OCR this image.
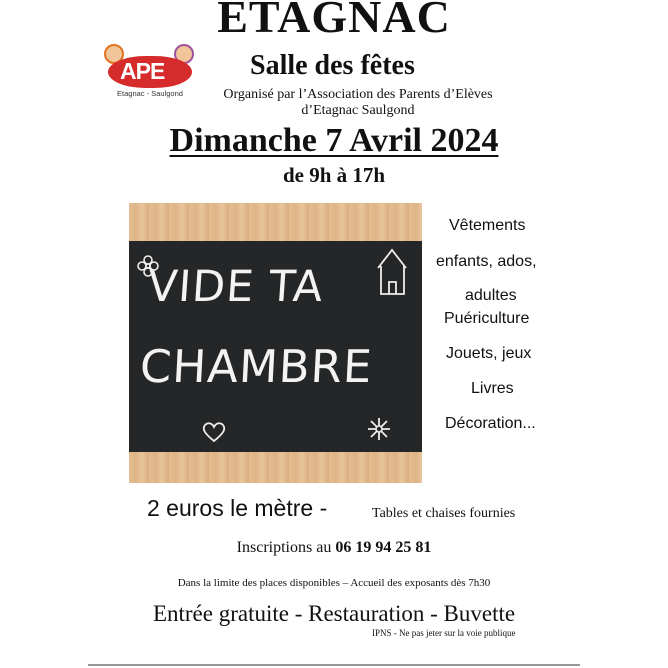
ETAGNAC
APE
Etagnac - Saulgond
Salle des fêtes
Organisé par l’Association des Parents d’Elèves
d’Etagnac Saulgond
Dimanche 7 Avril 2024
de 9h à 17h
VIDE TA
CHAMBRE
Vêtements
enfants, ados,
adultes
Puériculture
Jouets, jeux
Livres
Décoration...
2 euros le mètre -	Tables et chaises fournies
Inscriptions au 06 19 94 25 81
Dans la limite des places disponibles – Accueil des exposants dès 7h30
Entrée gratuite - Restauration - Buvette
IPNS - Ne pas jeter sur la voie publique
